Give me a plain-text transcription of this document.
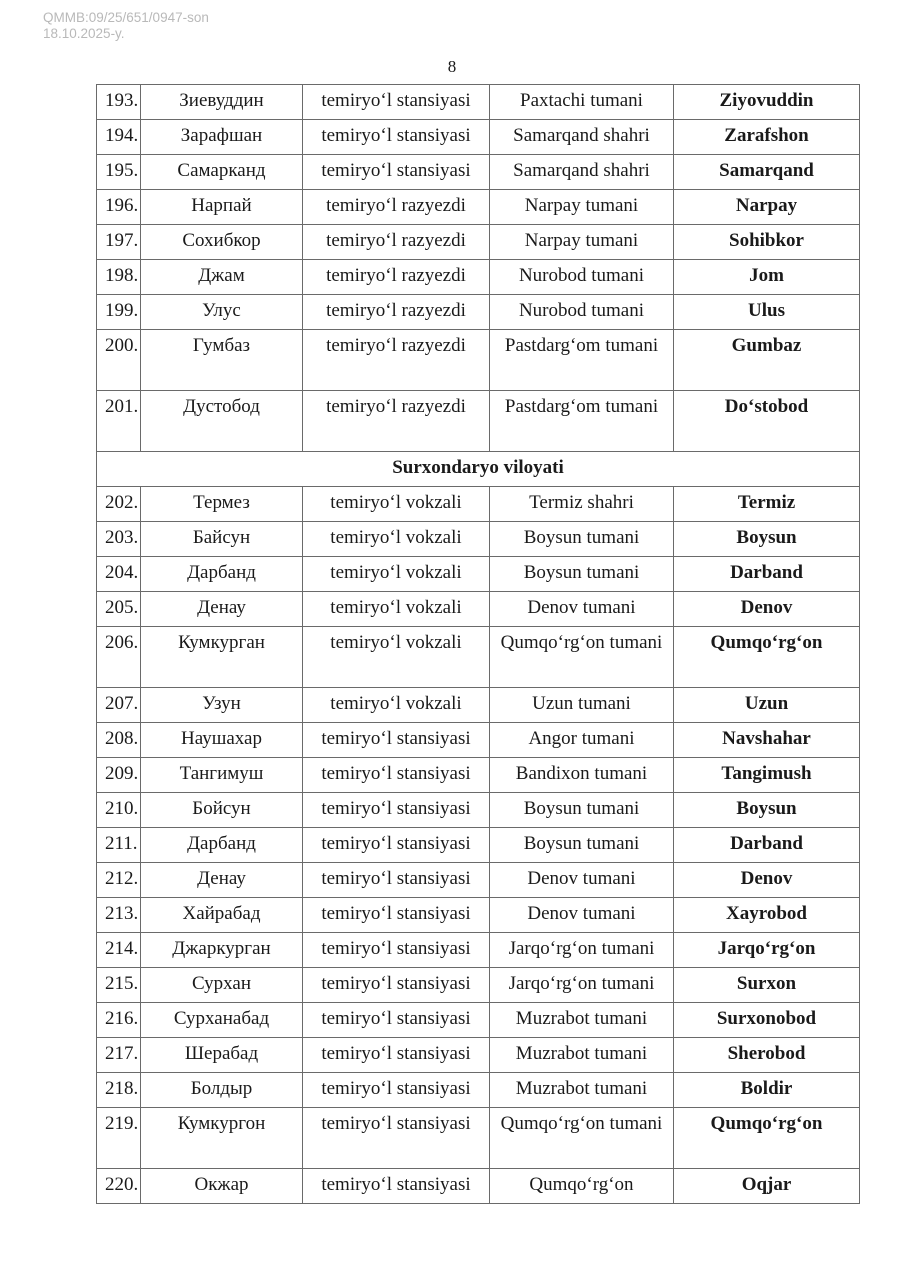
QMMB:09/25/651/0947-son
18.10.2025-y.
8
193.	Зиевуддин	temiryo‘l stansiyasi	Paxtachi tumani	Ziyovuddin
194.	Зарафшан	temiryo‘l stansiyasi	Samarqand shahri	Zarafshon
195.	Самарканд	temiryo‘l stansiyasi	Samarqand shahri	Samarqand
196.	Нарпай	temiryo‘l razyezdi	Narpay tumani	Narpay
197.	Сохибкор	temiryo‘l razyezdi	Narpay tumani	Sohibkor
198.	Джам	temiryo‘l razyezdi	Nurobod tumani	Jom
199.	Улус	temiryo‘l razyezdi	Nurobod tumani	Ulus
200.	Гумбаз	temiryo‘l razyezdi	Pastdarg‘om tumani	Gumbaz
201.	Дустобод	temiryo‘l razyezdi	Pastdarg‘om tumani	Do‘stobod
Surxondaryo viloyati				
202.	Термез	temiryo‘l vokzali	Termiz shahri	Termiz
203.	Байсун	temiryo‘l vokzali	Boysun tumani	Boysun
204.	Дарбанд	temiryo‘l vokzali	Boysun tumani	Darband
205.	Денау	temiryo‘l vokzali	Denov tumani	Denov
206.	Кумкурган	temiryo‘l vokzali	Qumqo‘rg‘on tumani	Qumqo‘rg‘on
207.	Узун	temiryo‘l vokzali	Uzun tumani	Uzun
208.	Наушахар	temiryo‘l stansiyasi	Angor tumani	Navshahar
209.	Тангимуш	temiryo‘l stansiyasi	Bandixon tumani	Tangimush
210.	Бойсун	temiryo‘l stansiyasi	Boysun tumani	Boysun
211.	Дарбанд	temiryo‘l stansiyasi	Boysun tumani	Darband
212.	Денау	temiryo‘l stansiyasi	Denov tumani	Denov
213.	Хайрабад	temiryo‘l stansiyasi	Denov tumani	Xayrobod
214.	Джаркурган	temiryo‘l stansiyasi	Jarqo‘rg‘on tumani	Jarqo‘rg‘on
215.	Сурхан	temiryo‘l stansiyasi	Jarqo‘rg‘on tumani	Surxon
216.	Сурханабад	temiryo‘l stansiyasi	Muzrabot tumani	Surxonobod
217.	Шерабад	temiryo‘l stansiyasi	Muzrabot tumani	Sherobod
218.	Болдыр	temiryo‘l stansiyasi	Muzrabot tumani	Boldir
219.	Кумкургон	temiryo‘l stansiyasi	Qumqo‘rg‘on tumani	Qumqo‘rg‘on
220.	Окжар	temiryo‘l stansiyasi	Qumqo‘rg‘on	Oqjar
